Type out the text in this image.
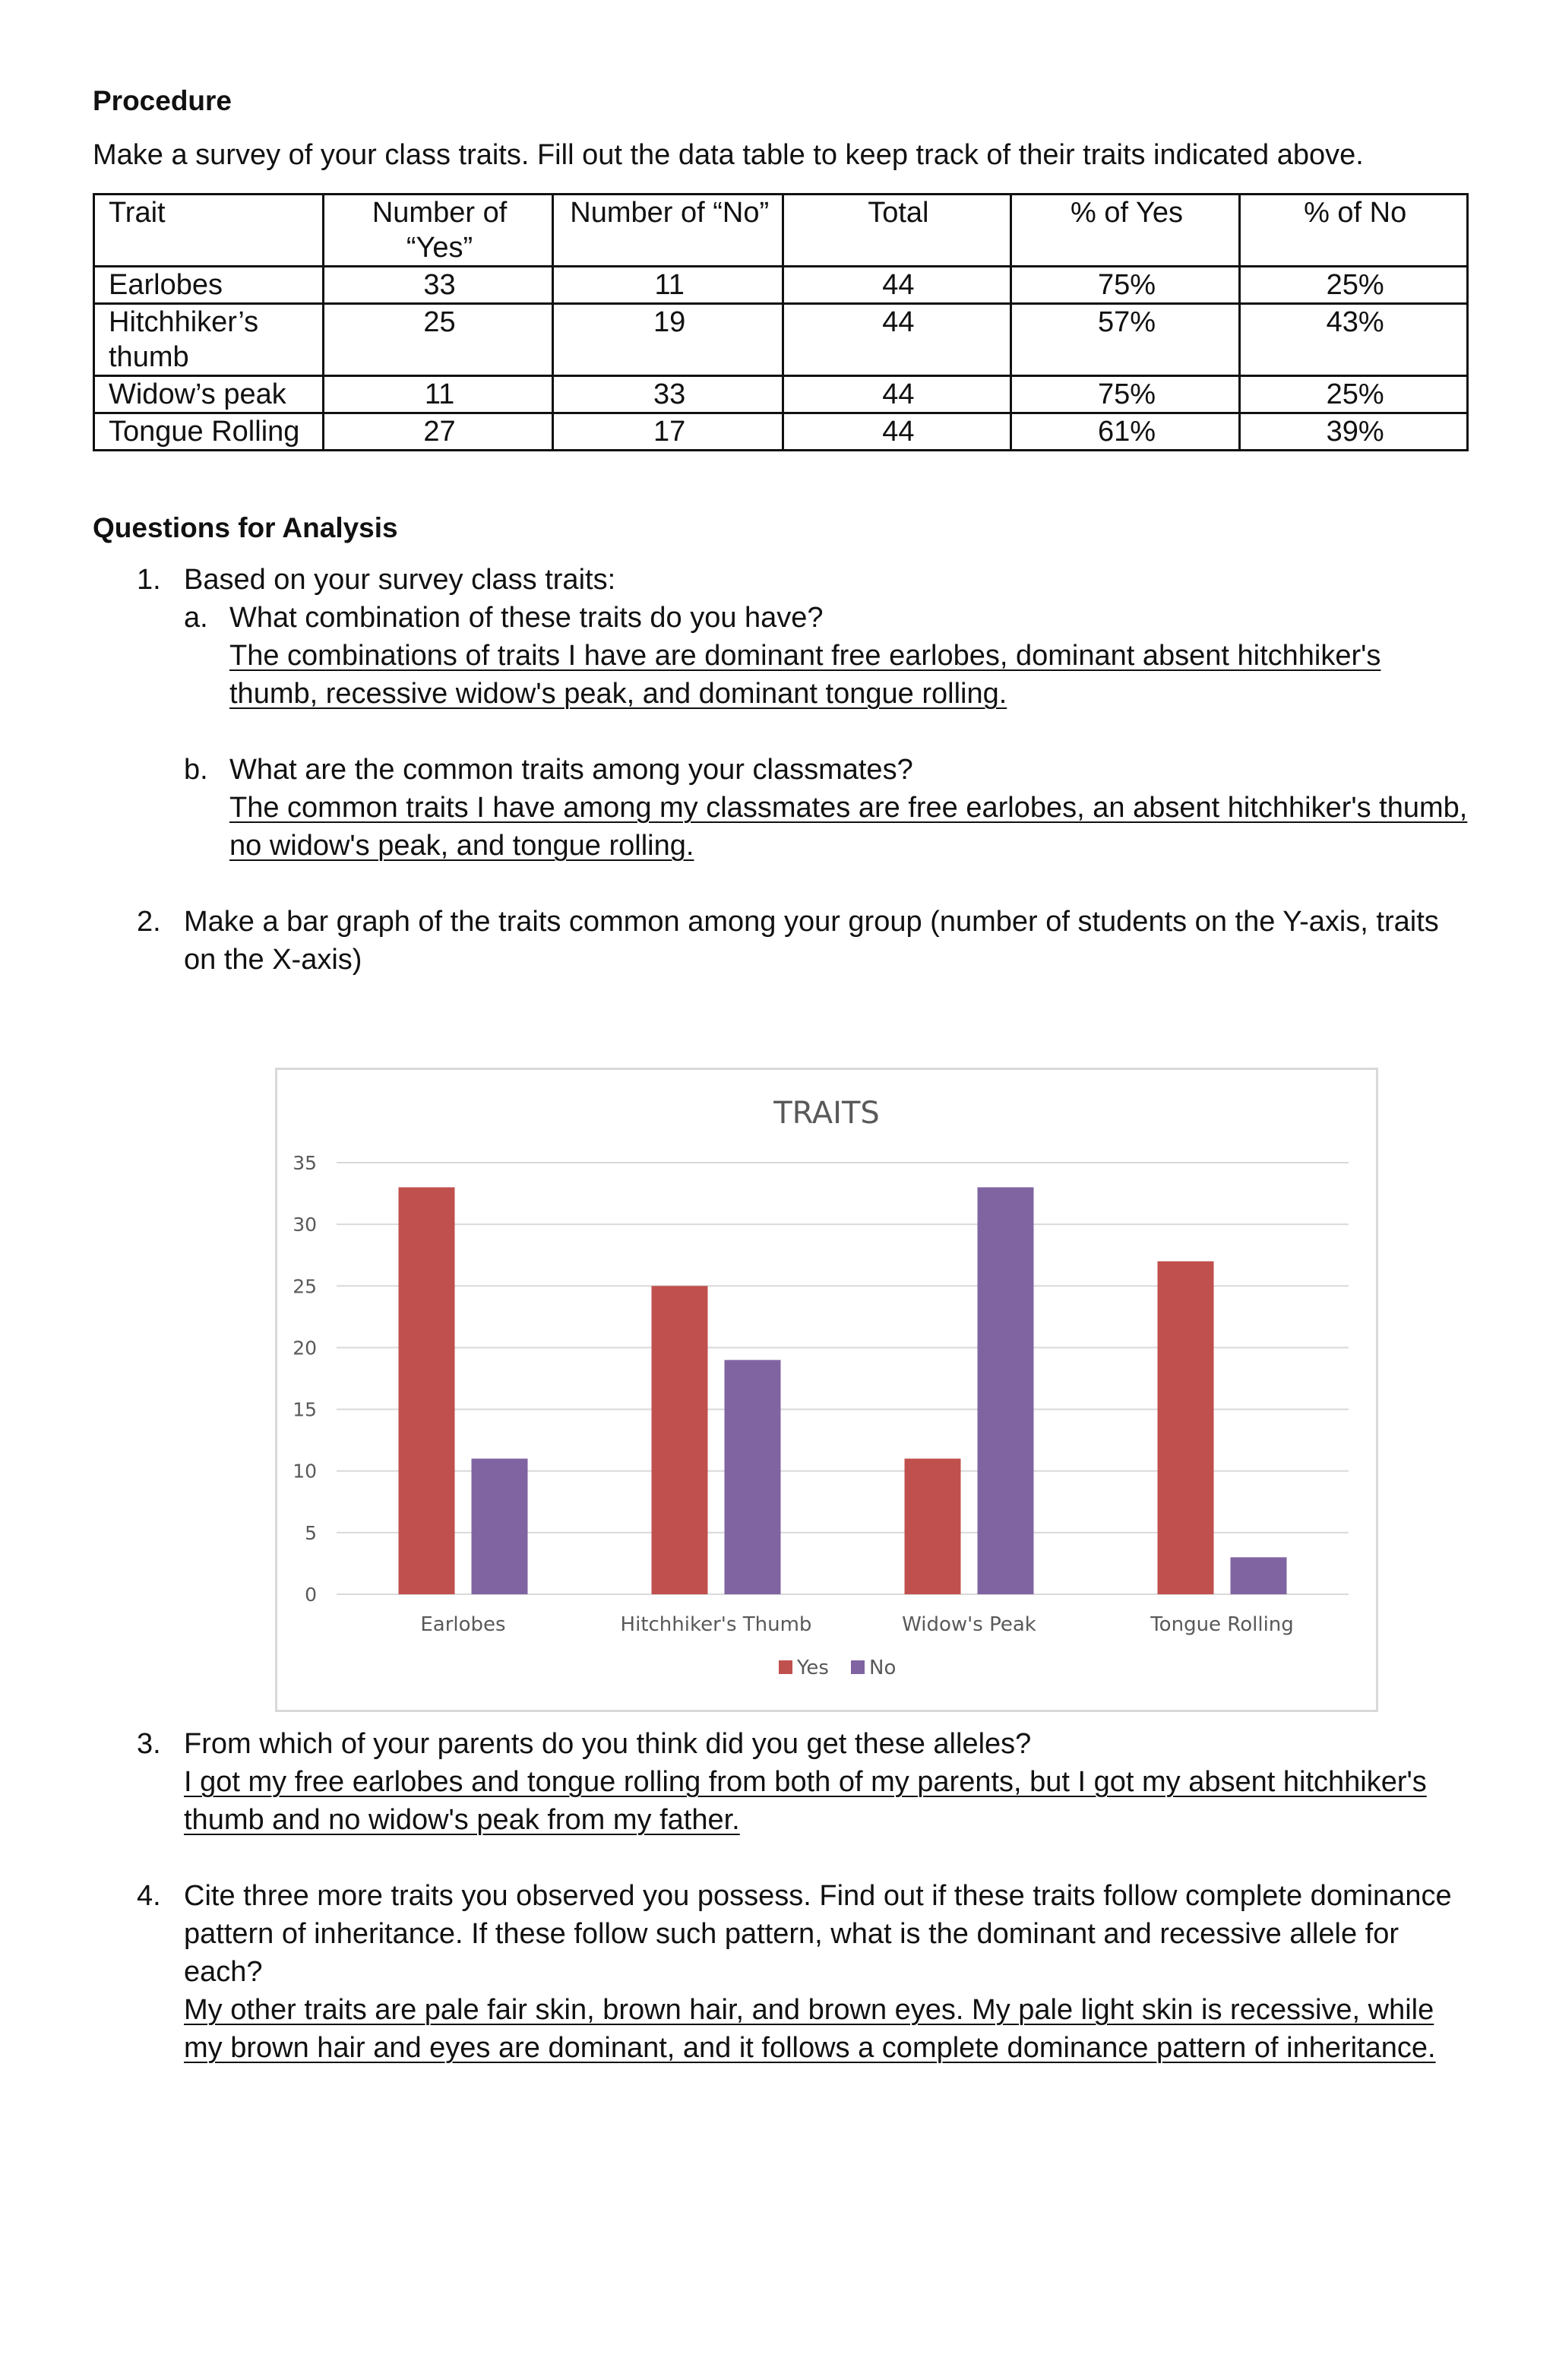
Procedure

Make a survey of your class traits. Fill out the data table to keep track of their traits indicated above.

Trait	Number of “Yes”	Number of “No”	Total	% of Yes	% of No
Earlobes	33	11	44	75%	25%
Hitchhiker’s thumb	25	19	44	57%	43%
Widow’s peak	11	33	44	75%	25%
Tongue Rolling	27	17	44	61%	39%

Questions for Analysis

1. Based on your survey class traits:
a. What combination of these traits do you have?
The combinations of traits I have are dominant free earlobes, dominant absent hitchhiker's thumb, recessive widow's peak, and dominant tongue rolling.
b. What are the common traits among your classmates?
The common traits I have among my classmates are free earlobes, an absent hitchhiker's thumb, no widow's peak, and tongue rolling.
2. Make a bar graph of the traits common among your group (number of students on the Y-axis, traits on the X-axis)
3. From which of your parents do you think did you get these alleles?
I got my free earlobes and tongue rolling from both of my parents, but I got my absent hitchhiker's thumb and no widow's peak from my father.
4. Cite three more traits you observed you possess. Find out if these traits follow complete dominance pattern of inheritance. If these follow such pattern, what is the dominant and recessive allele for each?
My other traits are pale fair skin, brown hair, and brown eyes. My pale light skin is recessive, while my brown hair and eyes are dominant, and it follows a complete dominance pattern of inheritance.
TRAITS
0
5
10
15
20
25
30
35
Earlobes	Hitchhiker's Thumb	Widow's Peak	Tongue Rolling
Yes No
